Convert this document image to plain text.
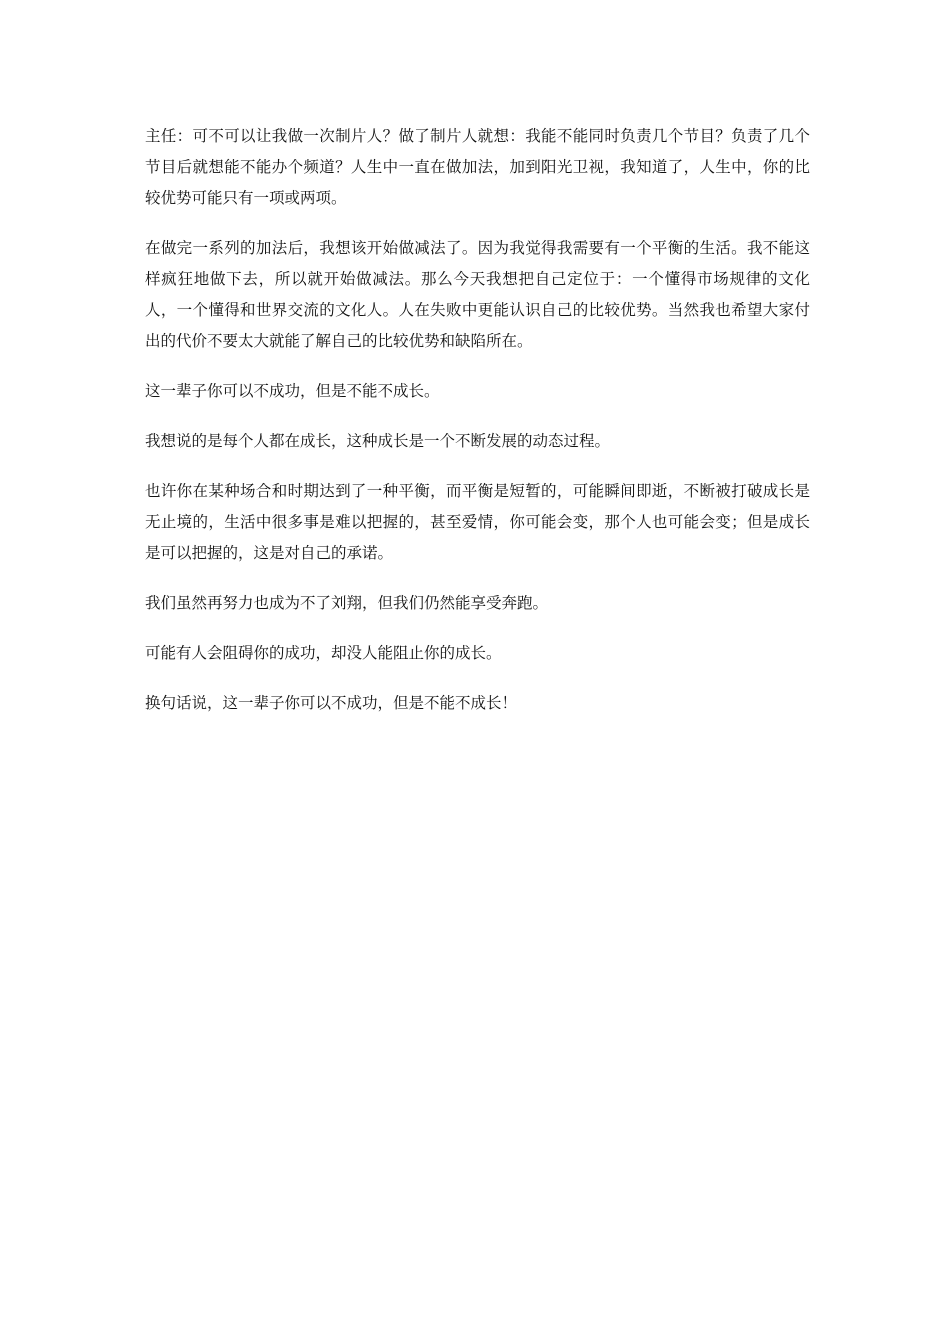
主任：可不可以让我做一次制片人？做了制片人就想：我能不能同时负责几个节目？负责了几个节目后就想能不能办个频道？人生中一直在做加法，加到阳光卫视，我知道了，人生中，你的比较优势可能只有一项或两项。

在做完一系列的加法后，我想该开始做减法了。因为我觉得我需要有一个平衡的生活。我不能这样疯狂地做下去，所以就开始做减法。那么今天我想把自己定位于：一个懂得市场规律的文化人，一个懂得和世界交流的文化人。人在失败中更能认识自己的比较优势。当然我也希望大家付出的代价不要太大就能了解自己的比较优势和缺陷所在。

这一辈子你可以不成功，但是不能不成长。

我想说的是每个人都在成长，这种成长是一个不断发展的动态过程。

也许你在某种场合和时期达到了一种平衡，而平衡是短暂的，可能瞬间即逝，不断被打破成长是无止境的，生活中很多事是难以把握的，甚至爱情，你可能会变，那个人也可能会变；但是成长是可以把握的，这是对自己的承诺。

我们虽然再努力也成为不了刘翔，但我们仍然能享受奔跑。

可能有人会阻碍你的成功，却没人能阻止你的成长。

换句话说，这一辈子你可以不成功，但是不能不成长！
